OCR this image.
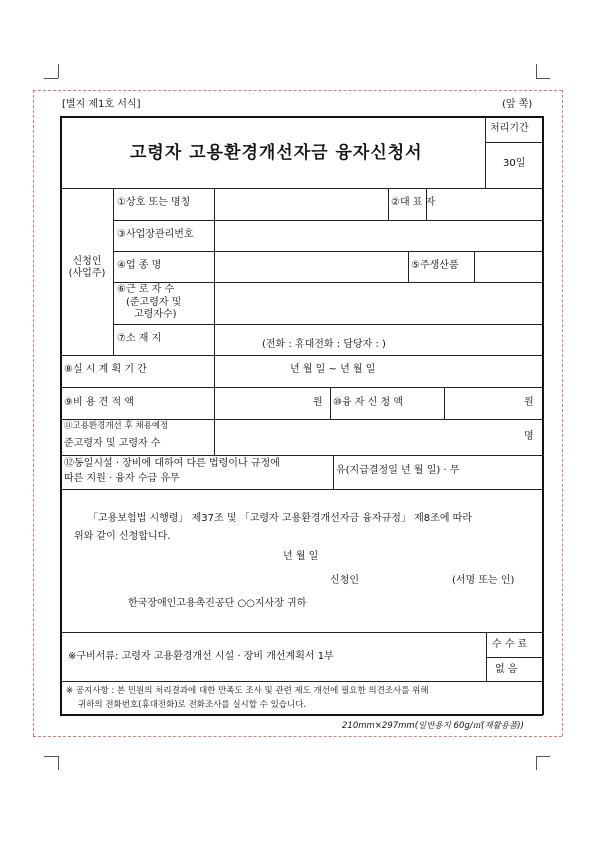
[별지 제1호 서식]	(앞 쪽)
고령자 고용환경개선자금 융자신청서
처리기간
30일
신청인
(사업주)
①상호 또는 명칭	②대 표 자
③사업장관리번호
④업 종 명	⑤주생산품
⑥근 로 자 수
(준고령자 및
고령자수)
⑦소 재 지
(전화 : 휴대전화 : 담당자 : )
⑧실 시 계 획 기 간	년 월 일 ~ 년 월 일
⑨비 용 견 적 액	원 ⑩융 자 신 청 액	원
⑪고용환경개선 후 채용예정
준고령자 및 고령자 수
명
⑫동일시설 · 장비에 대하여 다른 법령이나 규정에
따른 지원 · 융자 수급 유무
유(지급결정일 년 월 일) · 무
「고용보험법 시행령」 제37조 및 「고령자 고용환경개선자금 융자규정」 제8조에 따라
위와 같이 신청합니다.
년 월 일
신청인	(서명 또는 인)
한국장애인고용촉진공단 ○○지사장 귀하
※구비서류: 고령자 고용환경개선 시설 · 장비 개선계획서 1부
수 수 료
없 음
※ 공지사항 : 본 민원의 처리결과에 대한 만족도 조사 및 관련 제도 개선에 필요한 의견조사를 위해
귀하의 전화번호(휴대전화)로 전화조사를 실시할 수 있습니다.
210mm×297mm(일반용지 60g/㎡(재활용품))
